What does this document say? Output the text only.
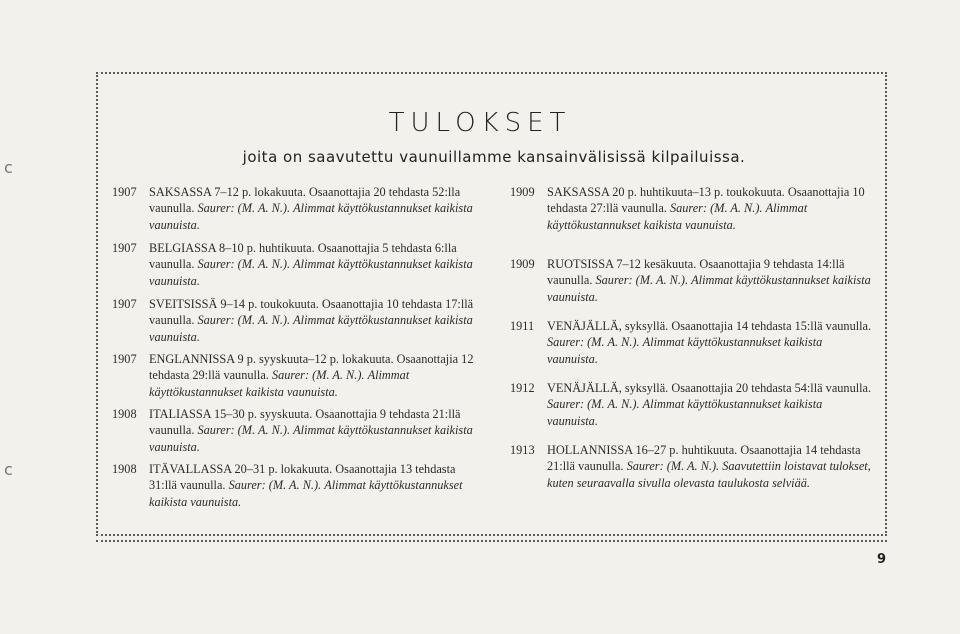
c
c
TULOKSET
joita on saavutettu vaunuillamme kansainvälisissä kilpailuissa.
1907	SAKSASSA 7–12 p. lokakuuta. Osaanottajia 20 tehdasta 52:lla vaunulla. Saurer: (M. A. N.). Alimmat käyttökustannukset kaikista vaunuista.
1907	BELGIASSA 8–10 p. huhtikuuta. Osaanottajia 5 tehdasta 6:lla vaunulla. Saurer: (M. A. N.). Alimmat käyttökustannukset kaikista vaunuista.
1907	SVEITSISSÄ 9–14 p. toukokuuta. Osaanottajia 10 tehdasta 17:llä vaunulla. Saurer: (M. A. N.). Alimmat käyttökustannukset kaikista vaunuista.
1907	ENGLANNISSA 9 p. syyskuuta–12 p. lokakuuta. Osaanottajia 12 tehdasta 29:llä vaunulla. Saurer: (M. A. N.). Alimmat käyttökustannukset kaikista vaunuista.
1908	ITALIASSA 15–30 p. syyskuuta. Osaanottajia 9 tehdasta 21:llä vaunulla. Saurer: (M. A. N.). Alimmat käyttökustannukset kaikista vaunuista.
1908	ITÄVALLASSA 20–31 p. lokakuuta. Osaanottajia 13 tehdasta 31:llä vaunulla. Saurer: (M. A. N.). Alimmat käyttökustannukset kaikista vaunuista.
1909	SAKSASSA 20 p. huhtikuuta–13 p. toukokuuta. Osaanottajia 10 tehdasta 27:llä vaunulla. Saurer: (M. A. N.). Alimmat käyttökustannukset kaikista vaunuista.
1909	RUOTSISSA 7–12 kesäkuuta. Osaanottajia 9 tehdasta 14:llä vaunulla. Saurer: (M. A. N.). Alimmat käyttökustannukset kaikista vaunuista.
1911	VENÄJÄLLÄ, syksyllä. Osaanottajia 14 tehdasta 15:llä vaunulla. Saurer: (M. A. N.). Alimmat käyttökustannukset kaikista vaunuista.
1912	VENÄJÄLLÄ, syksyllä. Osaanottajia 20 tehdasta 54:llä vaunulla. Saurer: (M. A. N.). Alimmat käyttökustannukset kaikista vaunuista.
1913	HOLLANNISSA 16–27 p. huhtikuuta. Osaanottajia 14 tehdasta 21:llä vaunulla. Saurer: (M. A. N.). Saavutettiin loistavat tulokset, kuten seuraavalla sivulla olevasta taulukosta selviää.
9
